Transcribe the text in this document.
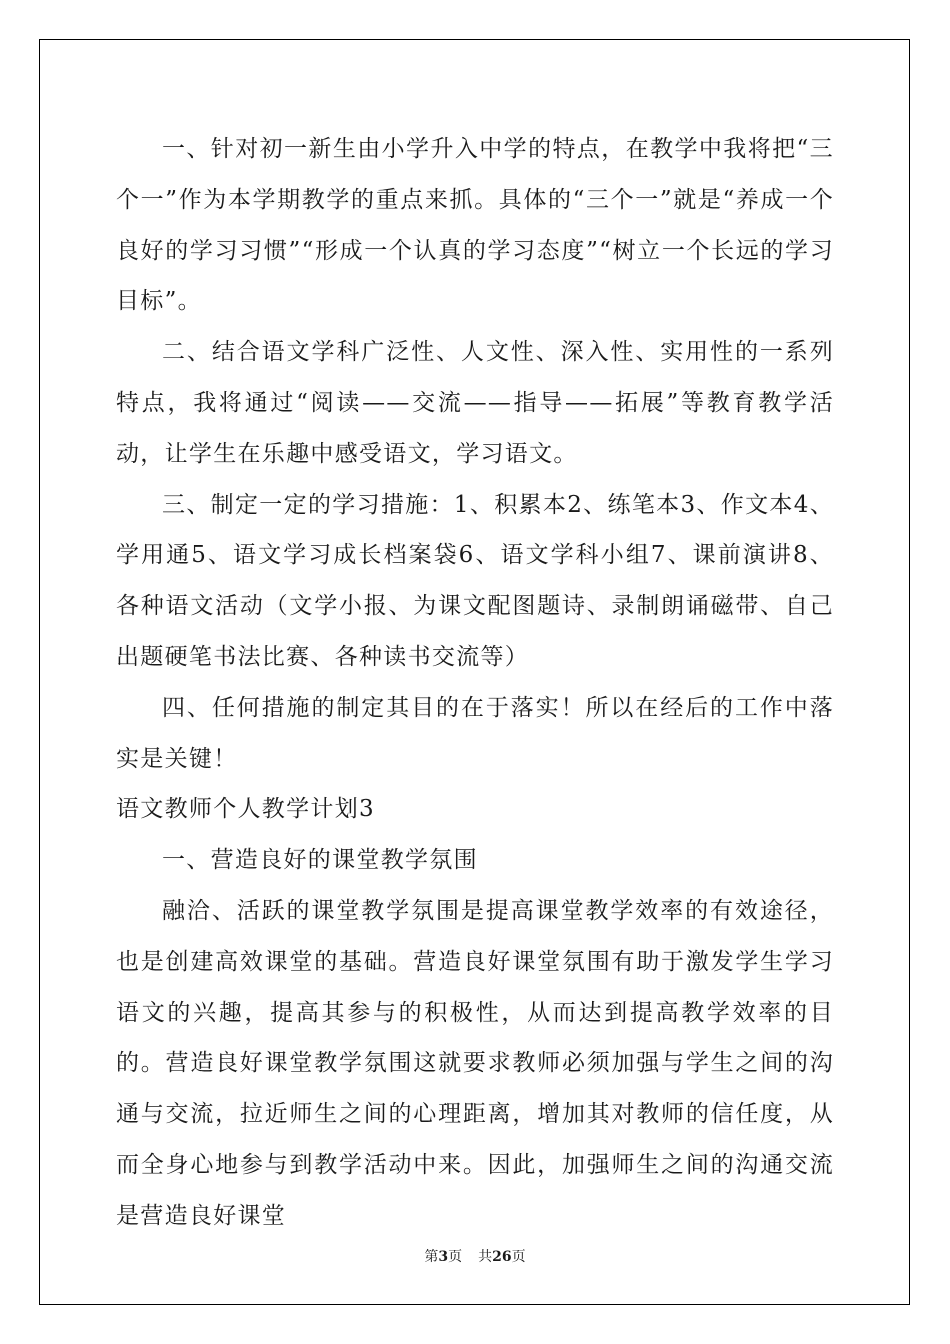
一、针对初一新生由小学升入中学的特点，在教学中我将把“三个一”作为本学期教学的重点来抓。具体的“三个一”就是“养成一个良好的学习习惯”“形成一个认真的学习态度”“树立一个长远的学习目标”。

二、结合语文学科广泛性、人文性、深入性、实用性的一系列特点，我将通过“阅读——交流——指导——拓展”等教育教学活动，让学生在乐趣中感受语文，学习语文。

三、制定一定的学习措施：1、积累本2、练笔本3、作文本4、学用通5、语文学习成长档案袋6、语文学科小组7、课前演讲8、各种语文活动（文学小报、为课文配图题诗、录制朗诵磁带、自己出题硬笔书法比赛、各种读书交流等）

四、任何措施的制定其目的在于落实！所以在经后的工作中落实是关键！

语文教师个人教学计划3

一、营造良好的课堂教学氛围

融洽、活跃的课堂教学氛围是提高课堂教学效率的有效途径，也是创建高效课堂的基础。营造良好课堂氛围有助于激发学生学习语文的兴趣，提高其参与的积极性，从而达到提高教学效率的目的。营造良好课堂教学氛围这就要求教师必须加强与学生之间的沟通与交流，拉近师生之间的心理距离，增加其对教师的信任度，从而全身心地参与到教学活动中来。因此，加强师生之间的沟通交流是营造良好课堂

第3页 共26页
